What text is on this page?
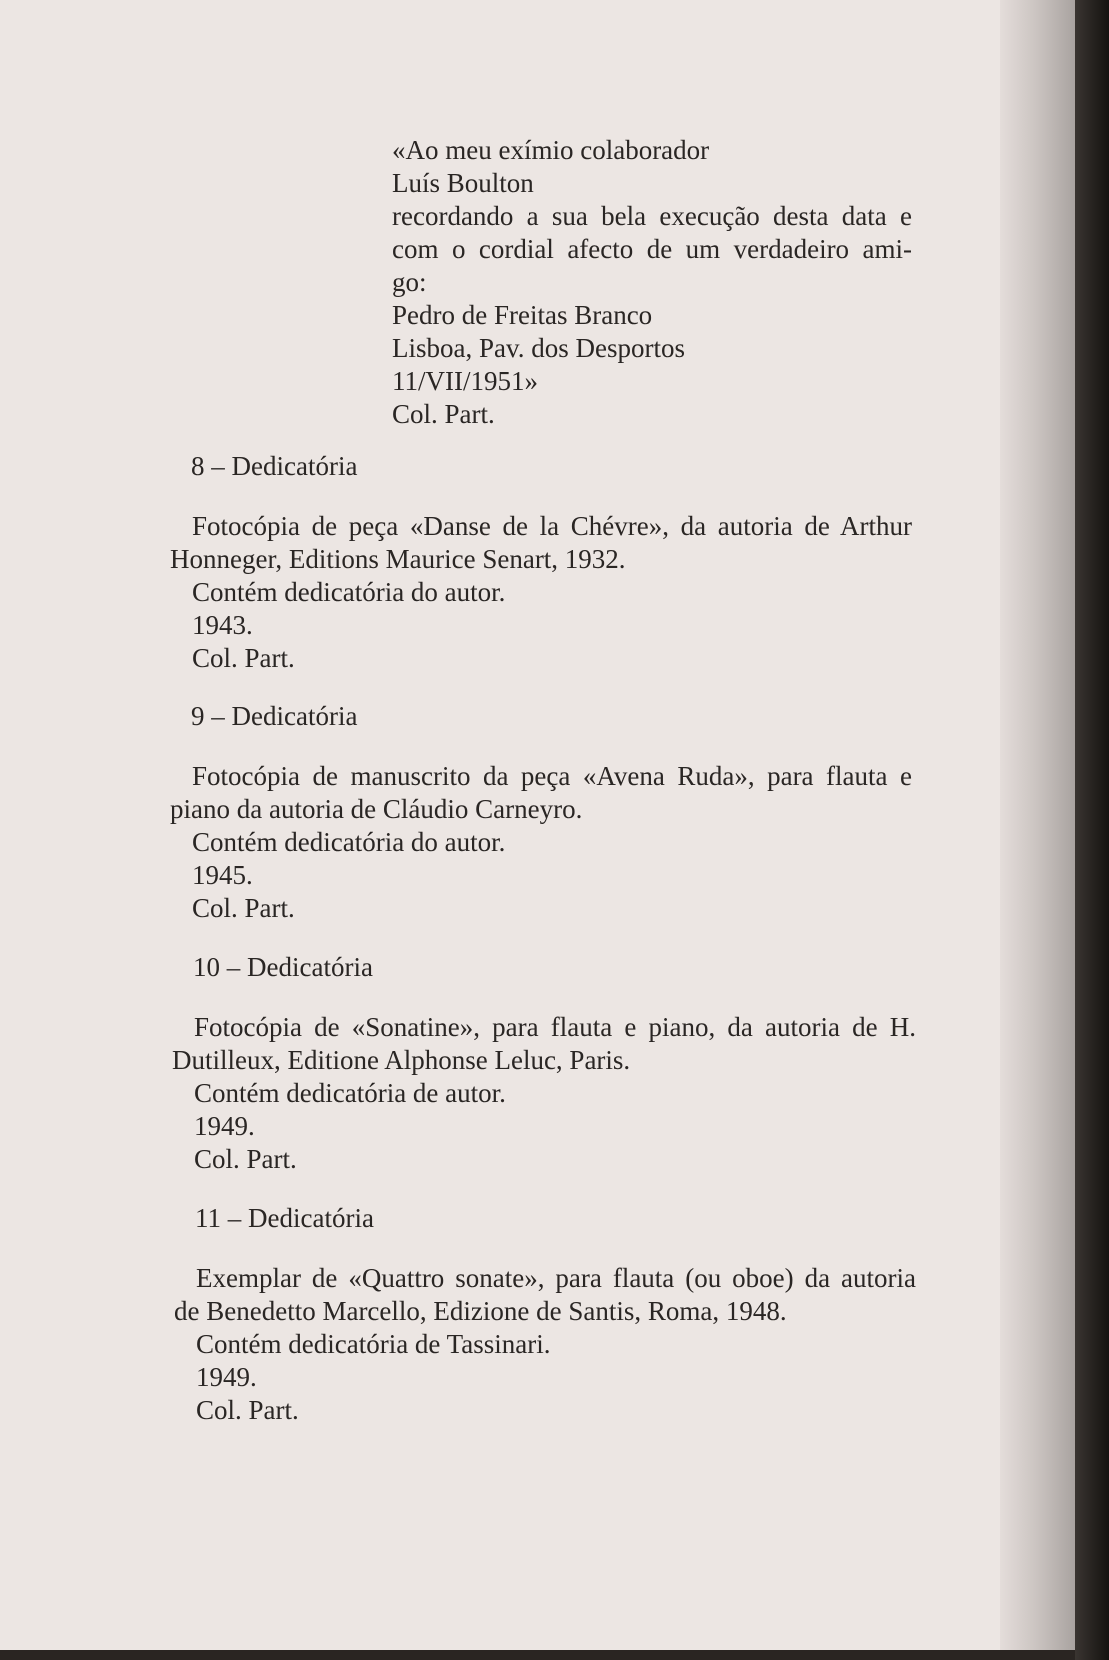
«Ao meu exímio colaborador
Luís Boulton
recordando a sua bela execução desta data e
com o cordial afecto de um verdadeiro ami-
go:
Pedro de Freitas Branco
Lisboa, Pav. dos Desportos
11/VII/1951»
Col. Part.
8 – Dedicatória
Fotocópia de peça «Danse de la Chévre», da autoria de Arthur
Honneger, Editions Maurice Senart, 1932.
Contém dedicatória do autor.
1943.
Col. Part.
9 – Dedicatória
Fotocópia de manuscrito da peça «Avena Ruda», para flauta e
piano da autoria de Cláudio Carneyro.
Contém dedicatória do autor.
1945.
Col. Part.
10 – Dedicatória
Fotocópia de «Sonatine», para flauta e piano, da autoria de H.
Dutilleux, Editione Alphonse Leluc, Paris.
Contém dedicatória de autor.
1949.
Col. Part.
11 – Dedicatória
Exemplar de «Quattro sonate», para flauta (ou oboe) da autoria
de Benedetto Marcello, Edizione de Santis, Roma, 1948.
Contém dedicatória de Tassinari.
1949.
Col. Part.
